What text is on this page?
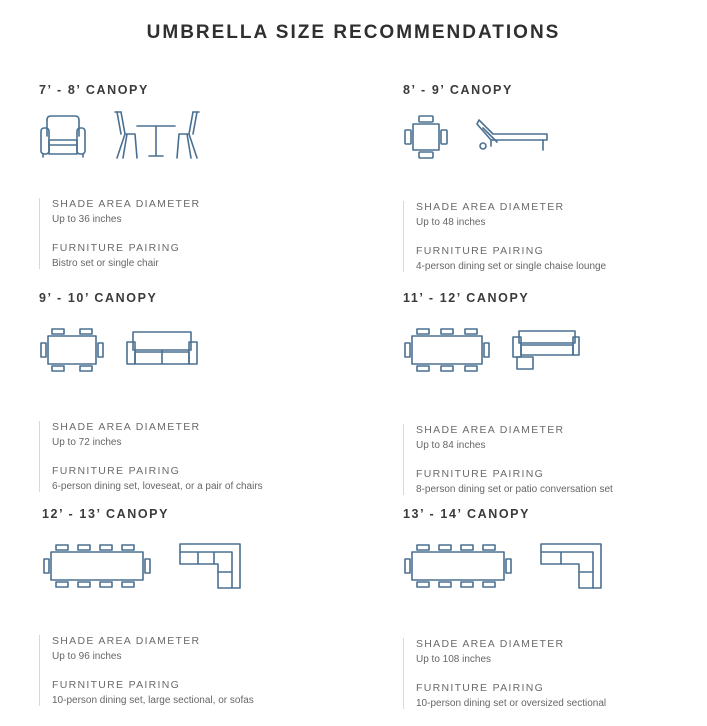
UMBRELLA SIZE RECOMMENDATIONS
7’ - 8’ CANOPY
SHADE AREA DIAMETER
Up to 36 inches
FURNITURE PAIRING
Bistro set or single chair
8’ - 9’ CANOPY
SHADE AREA DIAMETER
Up to 48 inches
FURNITURE PAIRING
4-person dining set or single chaise lounge
9’ - 10’ CANOPY
SHADE AREA DIAMETER
Up to 72 inches
FURNITURE PAIRING
6-person dining set, loveseat, or a pair of chairs
11’ - 12’ CANOPY
SHADE AREA DIAMETER
Up to 84 inches
FURNITURE PAIRING
8-person dining set or patio conversation set
12’ - 13’ CANOPY
SHADE AREA DIAMETER
Up to 96 inches
FURNITURE PAIRING
10-person dining set, large sectional, or sofas
13’ - 14’ CANOPY
SHADE AREA DIAMETER
Up to 108 inches
FURNITURE PAIRING
10-person dining set or oversized sectional
